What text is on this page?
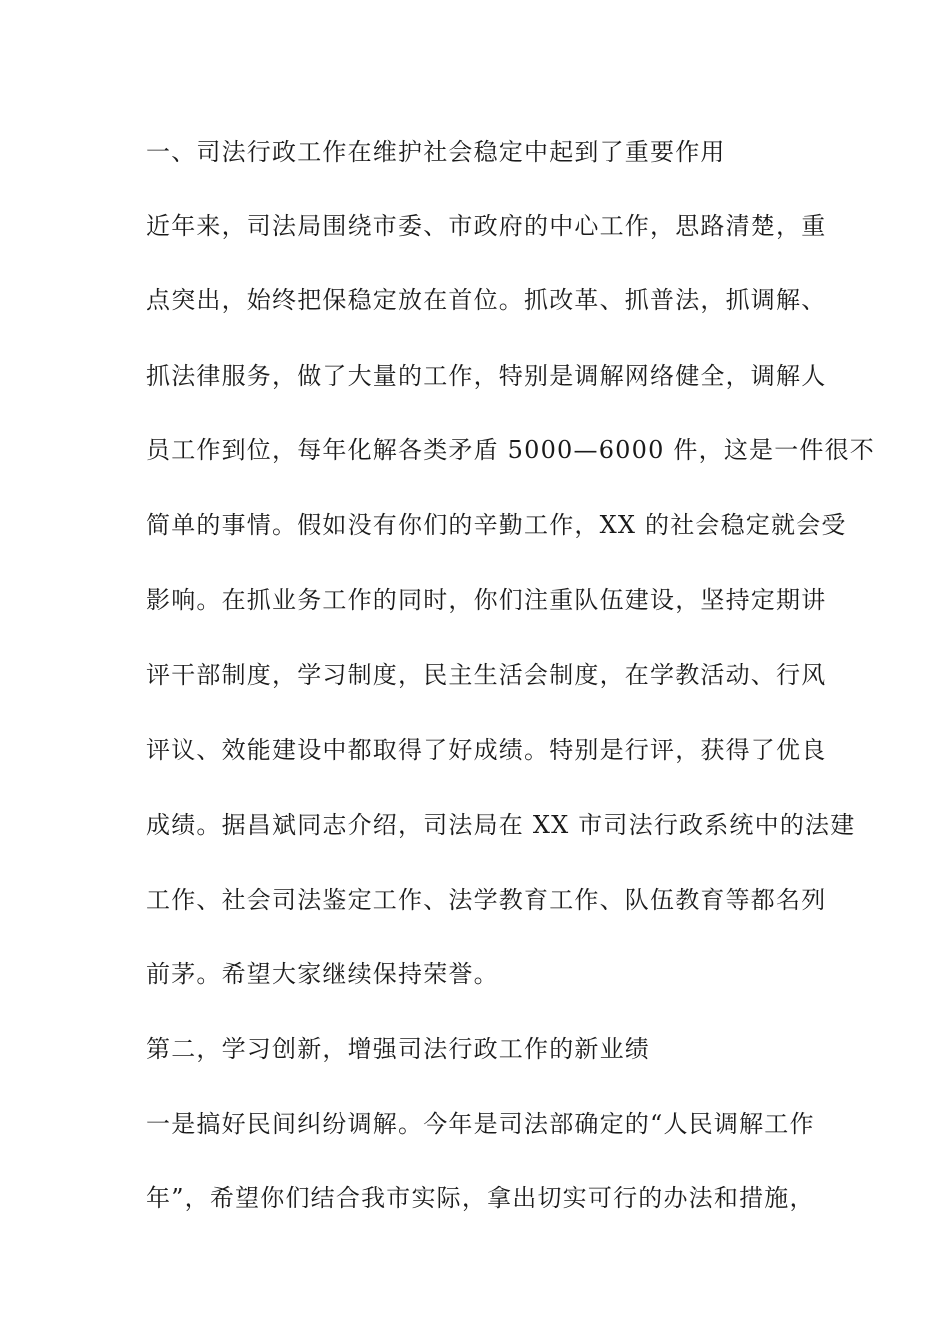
一、司法行政工作在维护社会稳定中起到了重要作用
近年来，司法局围绕市委、市政府的中心工作，思路清楚，重
点突出，始终把保稳定放在首位。抓改革、抓普法，抓调解、
抓法律服务，做了大量的工作，特别是调解网络健全，调解人
员工作到位，每年化解各类矛盾 5000—6000 件，这是一件很不
简单的事情。假如没有你们的辛勤工作，XX 的社会稳定就会受
影响。在抓业务工作的同时，你们注重队伍建设，坚持定期讲
评干部制度，学习制度，民主生活会制度，在学教活动、行风
评议、效能建设中都取得了好成绩。特别是行评，获得了优良
成绩。据昌斌同志介绍，司法局在 XX 市司法行政系统中的法建
工作、社会司法鉴定工作、法学教育工作、队伍教育等都名列
前茅。希望大家继续保持荣誉。
第二，学习创新，增强司法行政工作的新业绩
一是搞好民间纠纷调解。今年是司法部确定的“人民调解工作
年”，希望你们结合我市实际，拿出切实可行的办法和措施，
